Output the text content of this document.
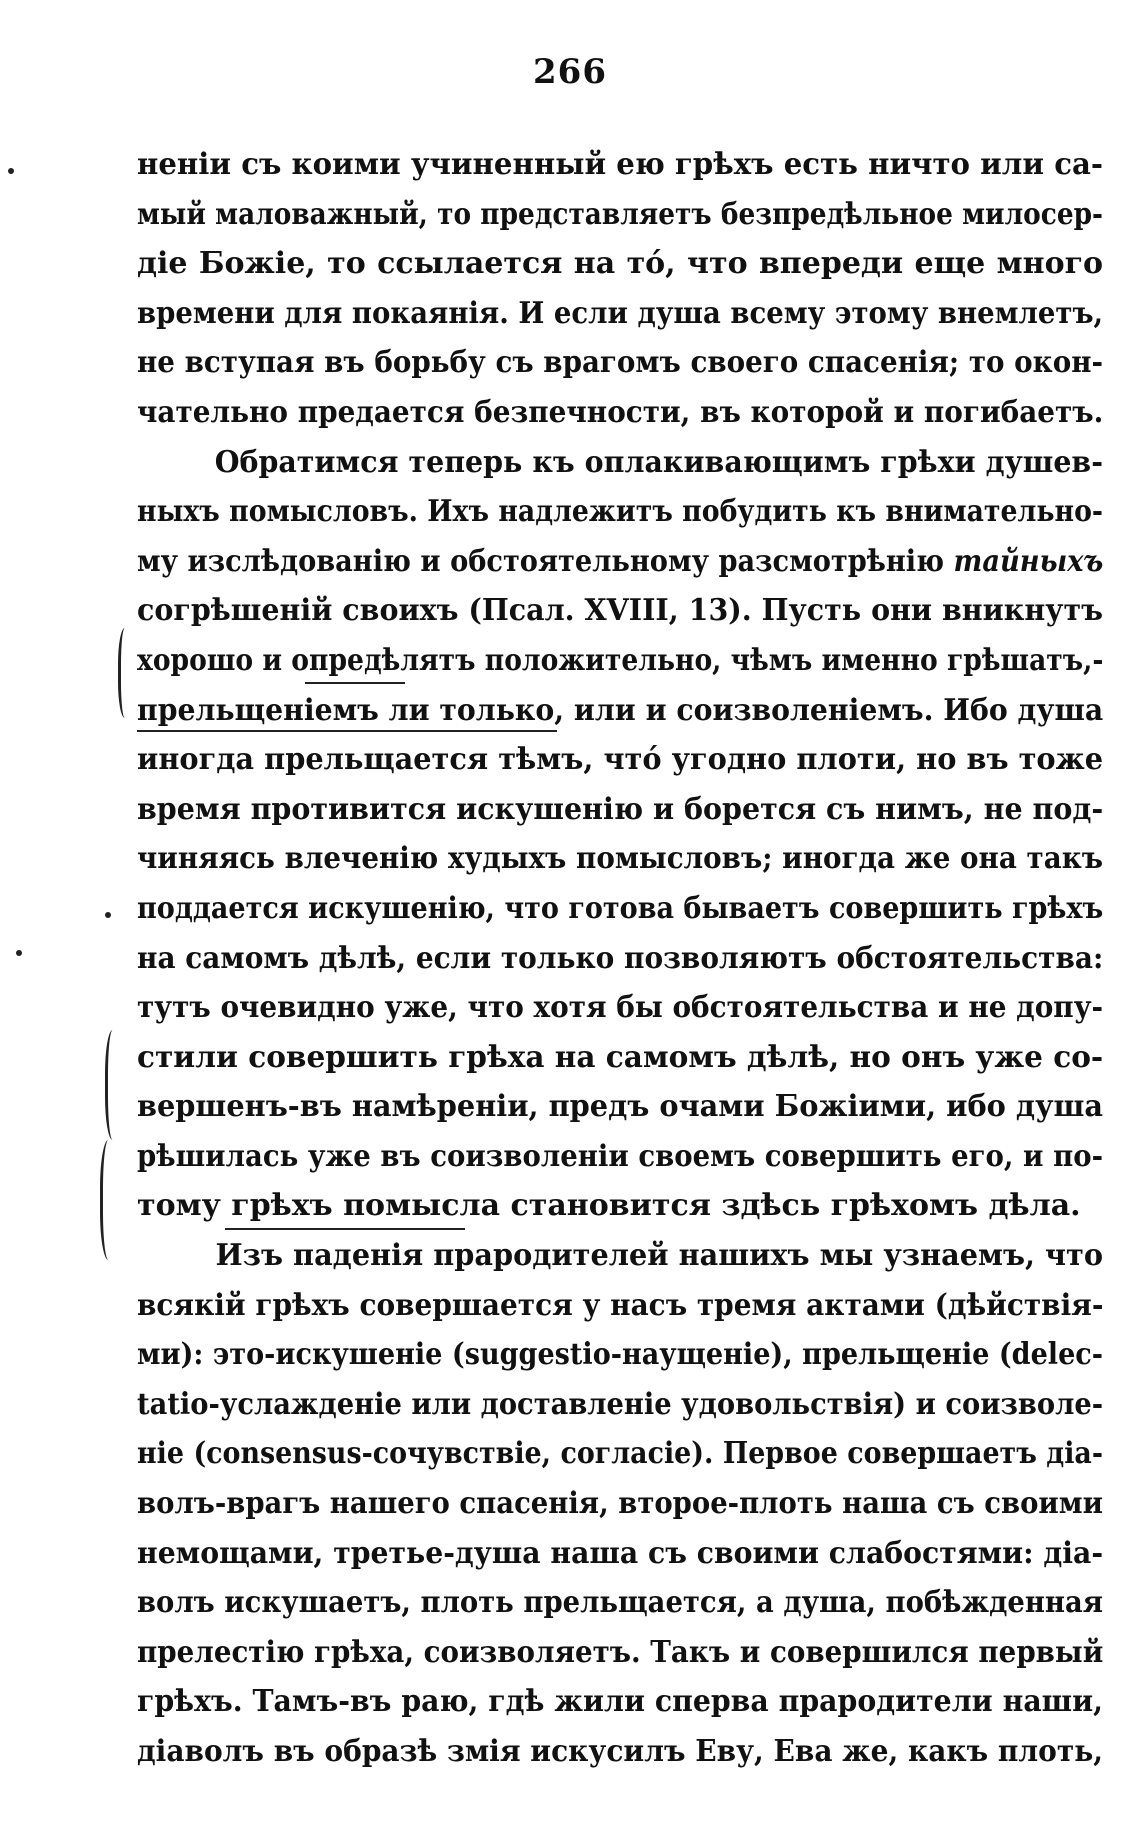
266
неніи съ коими учиненный ею грѣхъ есть ничто или са-
мый маловажный, то представляетъ безпредѣльное милосер-
діе Божіе, то ссылается на тó, что впереди еще много
времени для покаянія. И если душа всему этому внемлетъ,
не вступая въ борьбу съ врагомъ своего спасенія; то окон-
чательно предается безпечности, въ которой и погибаетъ.
Обратимся теперь къ оплакивающимъ грѣхи душев-
ныхъ помысловъ. Ихъ надлежитъ побудить къ внимательно-
му изслѣдованію и обстоятельному разсмотрѣнію тайныхъ
согрѣшеній своихъ (Псал. XVIII, 13). Пусть они вникнутъ
хорошо и опредѣлятъ положительно, чѣмъ именно грѣшатъ,-
прельщеніемъ ли только, или и соизволеніемъ. Ибо душа
иногда прельщается тѣмъ, чтó угодно плоти, но въ тоже
время противится искушенію и борется съ нимъ, не под-
чиняясь влеченію худыхъ помысловъ; иногда же она такъ
поддается искушенію, что готова бываетъ совершить грѣхъ
на самомъ дѣлѣ, если только позволяютъ обстоятельства:
тутъ очевидно уже, что хотя бы обстоятельства и не допу-
стили совершить грѣха на самомъ дѣлѣ, но онъ уже со-
вершенъ-въ намѣреніи, предъ очами Божіими, ибо душа
рѣшилась уже въ соизволеніи своемъ совершить его, и по-
тому грѣхъ помысла становится здѣсь грѣхомъ дѣла.
Изъ паденія прародителей нашихъ мы узнаемъ, что
всякій грѣхъ совершается у насъ тремя актами (дѣйствія-
ми): это-искушеніе (suggestio-наущеніе), прельщеніе (delec-
tatio-услажденіе или доставленіе удовольствія) и соизволе-
ніе (consensus-сочувствіе, согласіе). Первое совершаетъ діа-
волъ-врагъ нашего спасенія, второе-плоть наша съ своими
немощами, третье-душа наша съ своими слабостями: діа-
волъ искушаетъ, плоть прельщается, а душа, побѣжденная
прелестію грѣха, соизволяетъ. Такъ и совершился первый
грѣхъ. Тамъ-въ раю, гдѣ жили сперва прародители наши,
діаволъ въ образѣ змія искусилъ Еву, Ева же, какъ плоть,
